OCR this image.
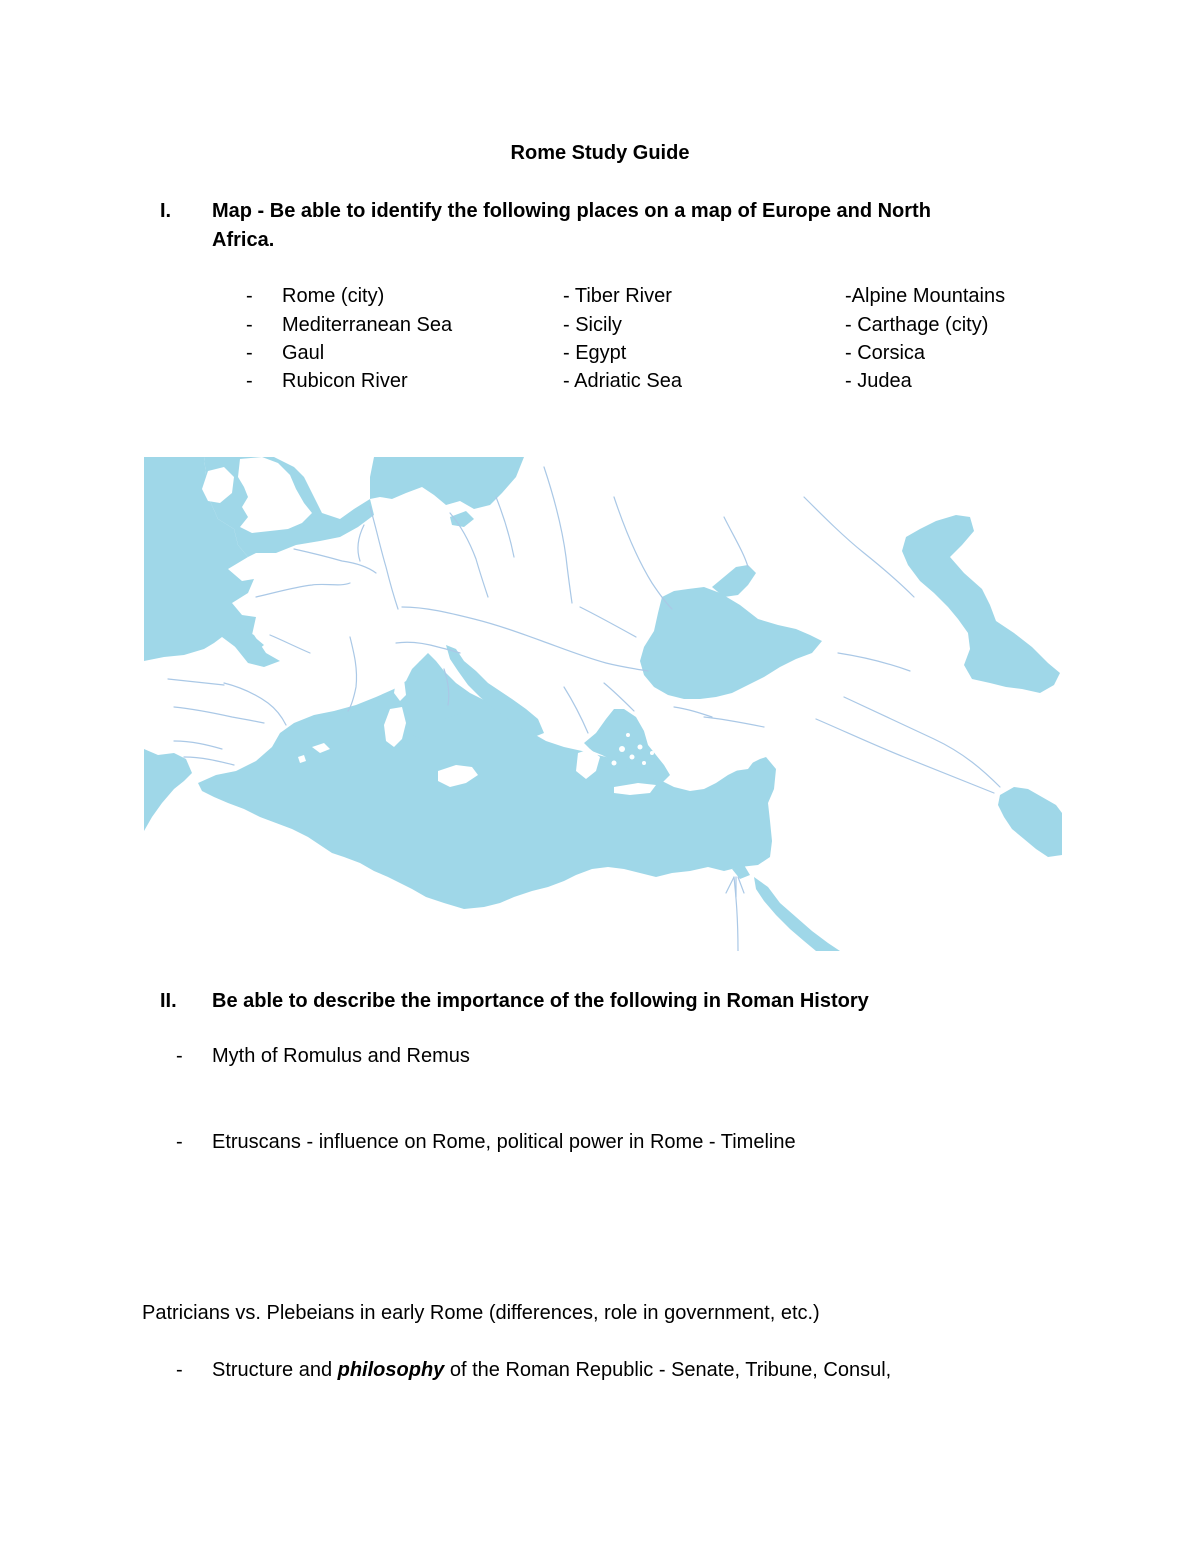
Rome Study Guide
I. Map - Be able to identify the following places on a map of Europe and North
Africa.
- Rome (city)
- Mediterranean Sea
- Gaul
- Rubicon River
- Tiber River
- Sicily
- Egypt
- Adriatic Sea
-Alpine Mountains
- Carthage (city)
- Corsica
- Judea
II. Be able to describe the importance of the following in Roman History
- Myth of Romulus and Remus
- Etruscans - influence on Rome, political power in Rome - Timeline
Patricians vs. Plebeians in early Rome (differences, role in government, etc.)
- Structure and philosophy of the Roman Republic - Senate, Tribune, Consul,
